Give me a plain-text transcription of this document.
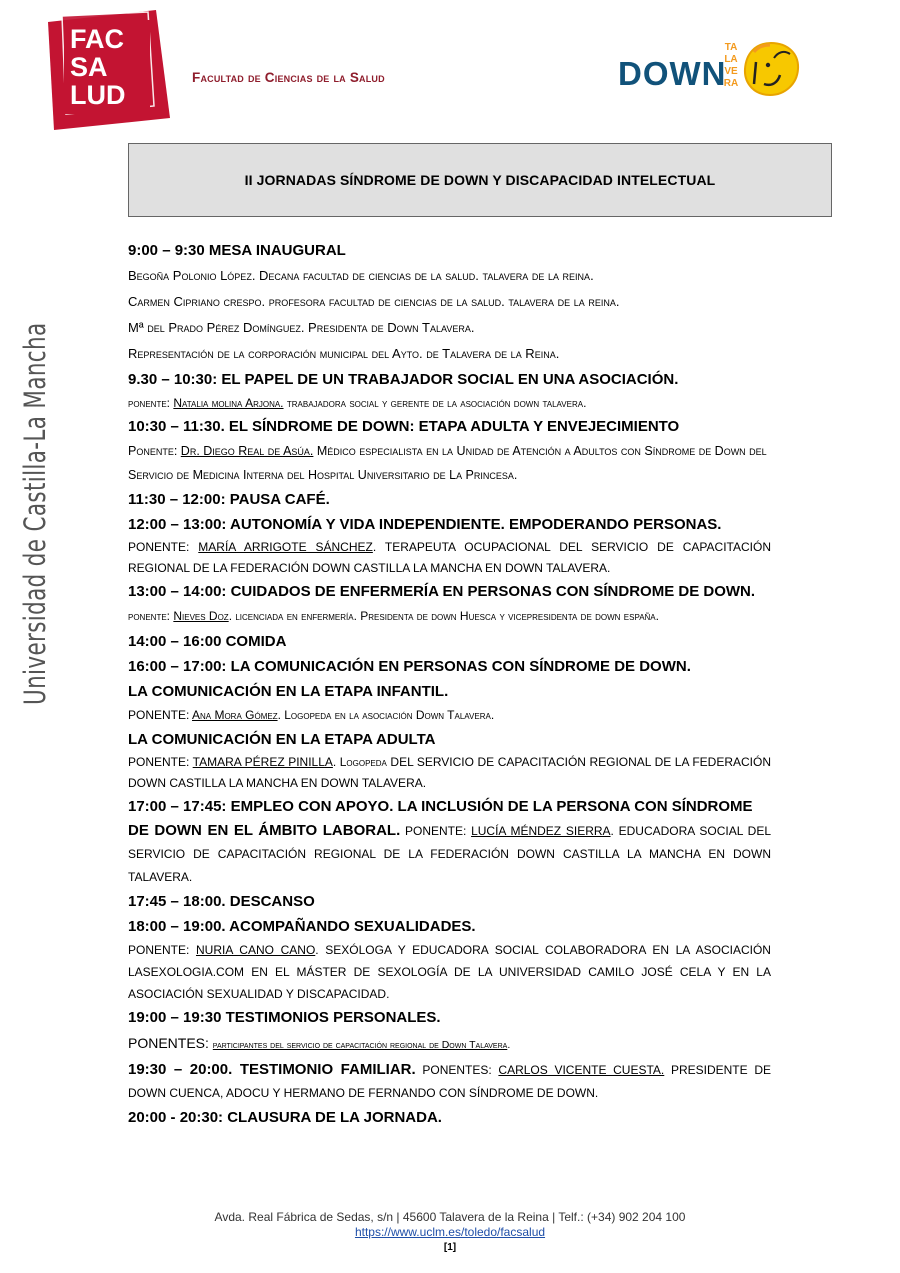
FAC
SA
LUD
Facultad de Ciencias de la Salud	DOWN
TA
LA
VE
RA
Universidad de Castilla-La Mancha
II JORNADAS SÍNDROME DE DOWN Y DISCAPACIDAD INTELECTUAL
9:00 – 9:30 MESA INAUGURAL
Begoña Polonio López. Decana facultad de ciencias de la salud. talavera de la reina.
Carmen Cipriano crespo. profesora facultad de ciencias de la salud. talavera de la reina.
Mª del Prado Pérez Domínguez. Presidenta de Down Talavera.
Representación de la corporación municipal del Ayto. de Talavera de la Reina.
9.30 – 10:30: EL PAPEL DE UN TRABAJADOR SOCIAL EN UNA ASOCIACIÓN.
ponente: Natalia molina Arjona. trabajadora social y gerente de la asociación down talavera.
10:30 – 11:30. EL SÍNDROME DE DOWN: ETAPA ADULTA Y ENVEJECIMIENTO
Ponente: Dr. Diego Real de Asúa. Médico especialista en la Unidad de Atención a Adultos con Síndrome de Down del Servicio de Medicina Interna del Hospital Universitario de La Princesa.
11:30 – 12:00: PAUSA CAFÉ.
12:00 – 13:00: AUTONOMÍA Y VIDA INDEPENDIENTE. EMPODERANDO PERSONAS.
PONENTE: MARÍA ARRIGOTE SÁNCHEZ. TERAPEUTA OCUPACIONAL DEL SERVICIO DE CAPACITACIÓN REGIONAL DE LA FEDERACIÓN DOWN CASTILLA LA MANCHA EN DOWN TALAVERA.
13:00 – 14:00: CUIDADOS DE ENFERMERÍA EN PERSONAS CON SÍNDROME DE DOWN.
ponente: Nieves Doz. licenciada en enfermería. Presidenta de down Huesca y vicepresidenta de down españa.
14:00 – 16:00 COMIDA
16:00 – 17:00: LA COMUNICACIÓN EN PERSONAS CON SÍNDROME DE DOWN.
LA COMUNICACIÓN EN LA ETAPA INFANTIL.
PONENTE: Ana Mora Gómez. Logopeda en la asociación Down Talavera.
LA COMUNICACIÓN EN LA ETAPA ADULTA
PONENTE: TAMARA PÉREZ PINILLA. Logopeda DEL SERVICIO DE CAPACITACIÓN REGIONAL DE LA FEDERACIÓN DOWN CASTILLA LA MANCHA EN DOWN TALAVERA.
17:00 – 17:45: EMPLEO CON APOYO. LA INCLUSIÓN DE LA PERSONA CON SÍNDROME
DE DOWN EN EL ÁMBITO LABORAL. PONENTE: LUCÍA MÉNDEZ SIERRA. EDUCADORA SOCIAL DEL SERVICIO DE CAPACITACIÓN REGIONAL DE LA FEDERACIÓN DOWN CASTILLA LA MANCHA EN DOWN TALAVERA.
17:45 – 18:00. DESCANSO
18:00 – 19:00. ACOMPAÑANDO SEXUALIDADES.
PONENTE: NURIA CANO CANO. SEXÓLOGA Y EDUCADORA SOCIAL COLABORADORA EN LA ASOCIACIÓN LASEXOLOGIA.COM EN EL MÁSTER DE SEXOLOGÍA DE LA UNIVERSIDAD CAMILO JOSÉ CELA Y EN LA ASOCIACIÓN SEXUALIDAD Y DISCAPACIDAD.
19:00 – 19:30 TESTIMONIOS PERSONALES.
PONENTES: participantes del servicio de capacitación regional de Down Talavera.
19:30 – 20:00. TESTIMONIO FAMILIAR. PONENTES: CARLOS VICENTE CUESTA. PRESIDENTE DE DOWN CUENCA, ADOCU Y HERMANO DE FERNANDO CON SÍNDROME DE DOWN.
20:00 - 20:30: CLAUSURA DE LA JORNADA.
Avda. Real Fábrica de Sedas, s/n | 45600 Talavera de la Reina | Telf.: (+34) 902 204 100
https://www.uclm.es/toledo/facsalud
[1]
